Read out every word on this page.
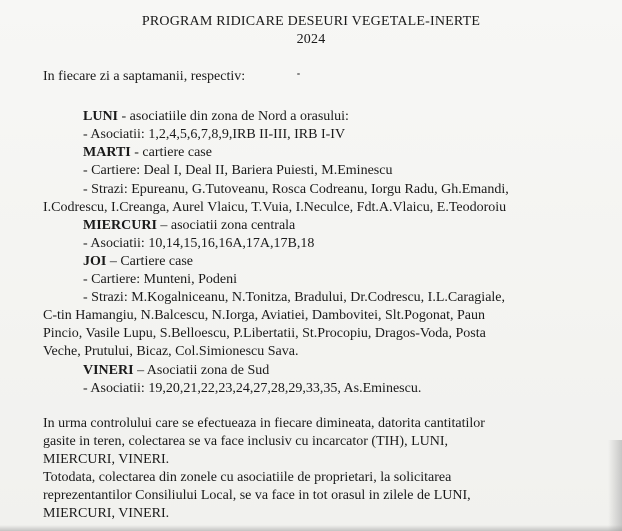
PROGRAM RIDICARE DESEURI VEGETALE-INERTE
2024
In fiecare zi a saptamanii, respectiv:
LUNI - asociatiile din zona de Nord a orasului:
- Asociatii: 1,2,4,5,6,7,8,9,IRB II-III, IRB I-IV
MARTI - cartiere case
- Cartiere: Deal I, Deal II, Bariera Puiesti, M.Eminescu
- Strazi: Epureanu, G.Tutoveanu, Rosca Codreanu, Iorgu Radu, Gh.Emandi,
I.Codrescu, I.Creanga, Aurel Vlaicu, T.Vuia, I.Neculce, Fdt.A.Vlaicu, E.Teodoroiu
MIERCURI – asociatii zona centrala
- Asociatii: 10,14,15,16,16A,17A,17B,18
JOI – Cartiere case
- Cartiere: Munteni, Podeni
- Strazi: M.Kogalniceanu, N.Tonitza, Bradului, Dr.Codrescu, I.L.Caragiale,
C-tin Hamangiu, N.Balcescu, N.Iorga, Aviatiei, Dambovitei, Slt.Pogonat, Paun
Pincio, Vasile Lupu, S.Belloescu, P.Libertatii, St.Procopiu, Dragos-Voda, Posta
Veche, Prutului, Bicaz, Col.Simionescu Sava.
VINERI – Asociatii zona de Sud
- Asociatii: 19,20,21,22,23,24,27,28,29,33,35, As.Eminescu.
In urma controlului care se efectueaza in fiecare dimineata, datorita cantitatilor
gasite in teren, colectarea se va face inclusiv cu incarcator (TIH), LUNI,
MIERCURI, VINERI.
Totodata, colectarea din zonele cu asociatiile de proprietari, la solicitarea
reprezentantilor Consiliului Local, se va face in tot orasul in zilele de LUNI,
MIERCURI, VINERI.
